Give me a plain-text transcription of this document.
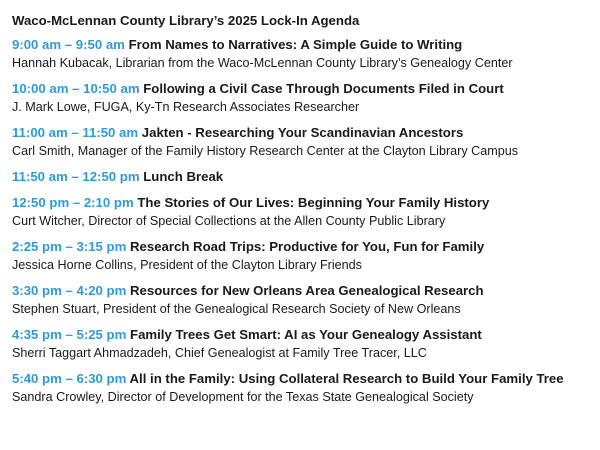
Waco-McLennan County Library’s 2025 Lock-In Agenda
9:00 am – 9:50 am From Names to Narratives: A Simple Guide to Writing
Hannah Kubacak, Librarian from the Waco-McLennan County Library’s Genealogy Center
10:00 am – 10:50 am Following a Civil Case Through Documents Filed in Court
J. Mark Lowe, FUGA, Ky-Tn Research Associates Researcher
11:00 am – 11:50 am Jakten - Researching Your Scandinavian Ancestors
Carl Smith, Manager of the Family History Research Center at the Clayton Library Campus
11:50 am – 12:50 pm Lunch Break
12:50 pm – 2:10 pm The Stories of Our Lives: Beginning Your Family History
Curt Witcher, Director of Special Collections at the Allen County Public Library
2:25 pm – 3:15 pm Research Road Trips: Productive for You, Fun for Family
Jessica Horne Collins, President of the Clayton Library Friends
3:30 pm – 4:20 pm Resources for New Orleans Area Genealogical Research
Stephen Stuart, President of the Genealogical Research Society of New Orleans
4:35 pm – 5:25 pm Family Trees Get Smart: AI as Your Genealogy Assistant
Sherri Taggart Ahmadzadeh, Chief Genealogist at Family Tree Tracer, LLC
5:40 pm – 6:30 pm All in the Family: Using Collateral Research to Build Your Family Tree
Sandra Crowley, Director of Development for the Texas State Genealogical Society
